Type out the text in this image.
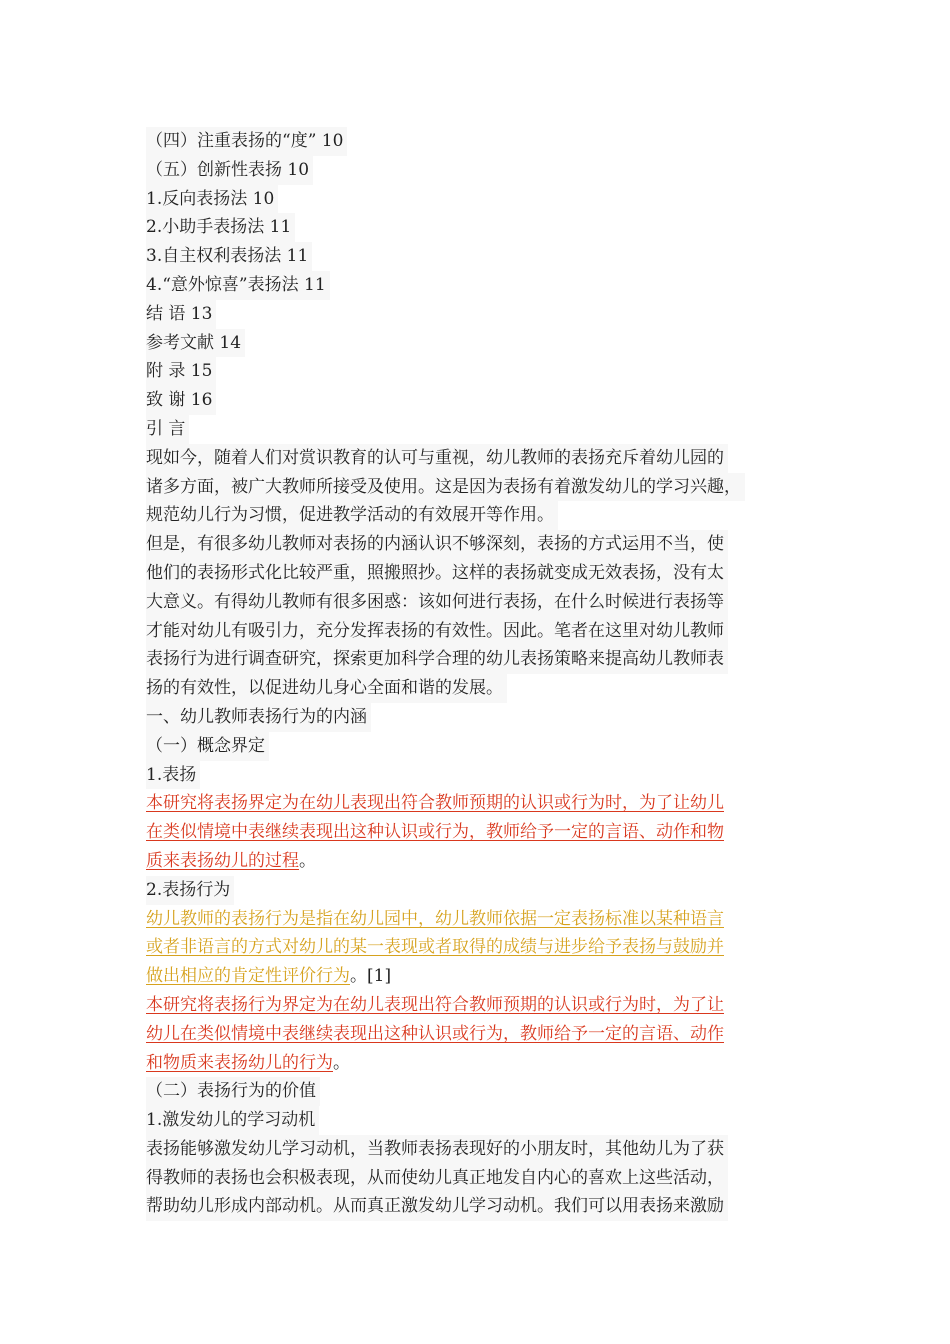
（四）注重表扬的“度” 10
（五）创新性表扬 10
1.反向表扬法 10
2.小助手表扬法 11
3.自主权利表扬法 11
4.“意外惊喜”表扬法 11
结 语 13
参考文献 14
附 录 15
致 谢 16
引 言
现如今，随着人们对赏识教育的认可与重视，幼儿教师的表扬充斥着幼儿园的
诸多方面，被广大教师所接受及使用。这是因为表扬有着激发幼儿的学习兴趣，
规范幼儿行为习惯，促进教学活动的有效展开等作用。
但是，有很多幼儿教师对表扬的内涵认识不够深刻，表扬的方式运用不当，使
他们的表扬形式化比较严重，照搬照抄。这样的表扬就变成无效表扬，没有太
大意义。有得幼儿教师有很多困惑：该如何进行表扬，在什么时候进行表扬等
才能对幼儿有吸引力，充分发挥表扬的有效性。因此。笔者在这里对幼儿教师
表扬行为进行调查研究，探索更加科学合理的幼儿表扬策略来提高幼儿教师表
扬的有效性，以促进幼儿身心全面和谐的发展。
一、幼儿教师表扬行为的内涵
（一）概念界定
1.表扬
本研究将表扬界定为在幼儿表现出符合教师预期的认识或行为时，为了让幼儿
在类似情境中表继续表现出这种认识或行为，教师给予一定的言语、动作和物
质来表扬幼儿的过程。
2.表扬行为
幼儿教师的表扬行为是指在幼儿园中，幼儿教师依据一定表扬标准以某种语言
或者非语言的方式对幼儿的某一表现或者取得的成绩与进步给予表扬与鼓励并
做出相应的肯定性评价行为。[1]
本研究将表扬行为界定为在幼儿表现出符合教师预期的认识或行为时，为了让
幼儿在类似情境中表继续表现出这种认识或行为，教师给予一定的言语、动作
和物质来表扬幼儿的行为。
（二）表扬行为的价值
1.激发幼儿的学习动机
表扬能够激发幼儿学习动机，当教师表扬表现好的小朋友时，其他幼儿为了获
得教师的表扬也会积极表现，从而使幼儿真正地发自内心的喜欢上这些活动，
帮助幼儿形成内部动机。从而真正激发幼儿学习动机。我们可以用表扬来激励
